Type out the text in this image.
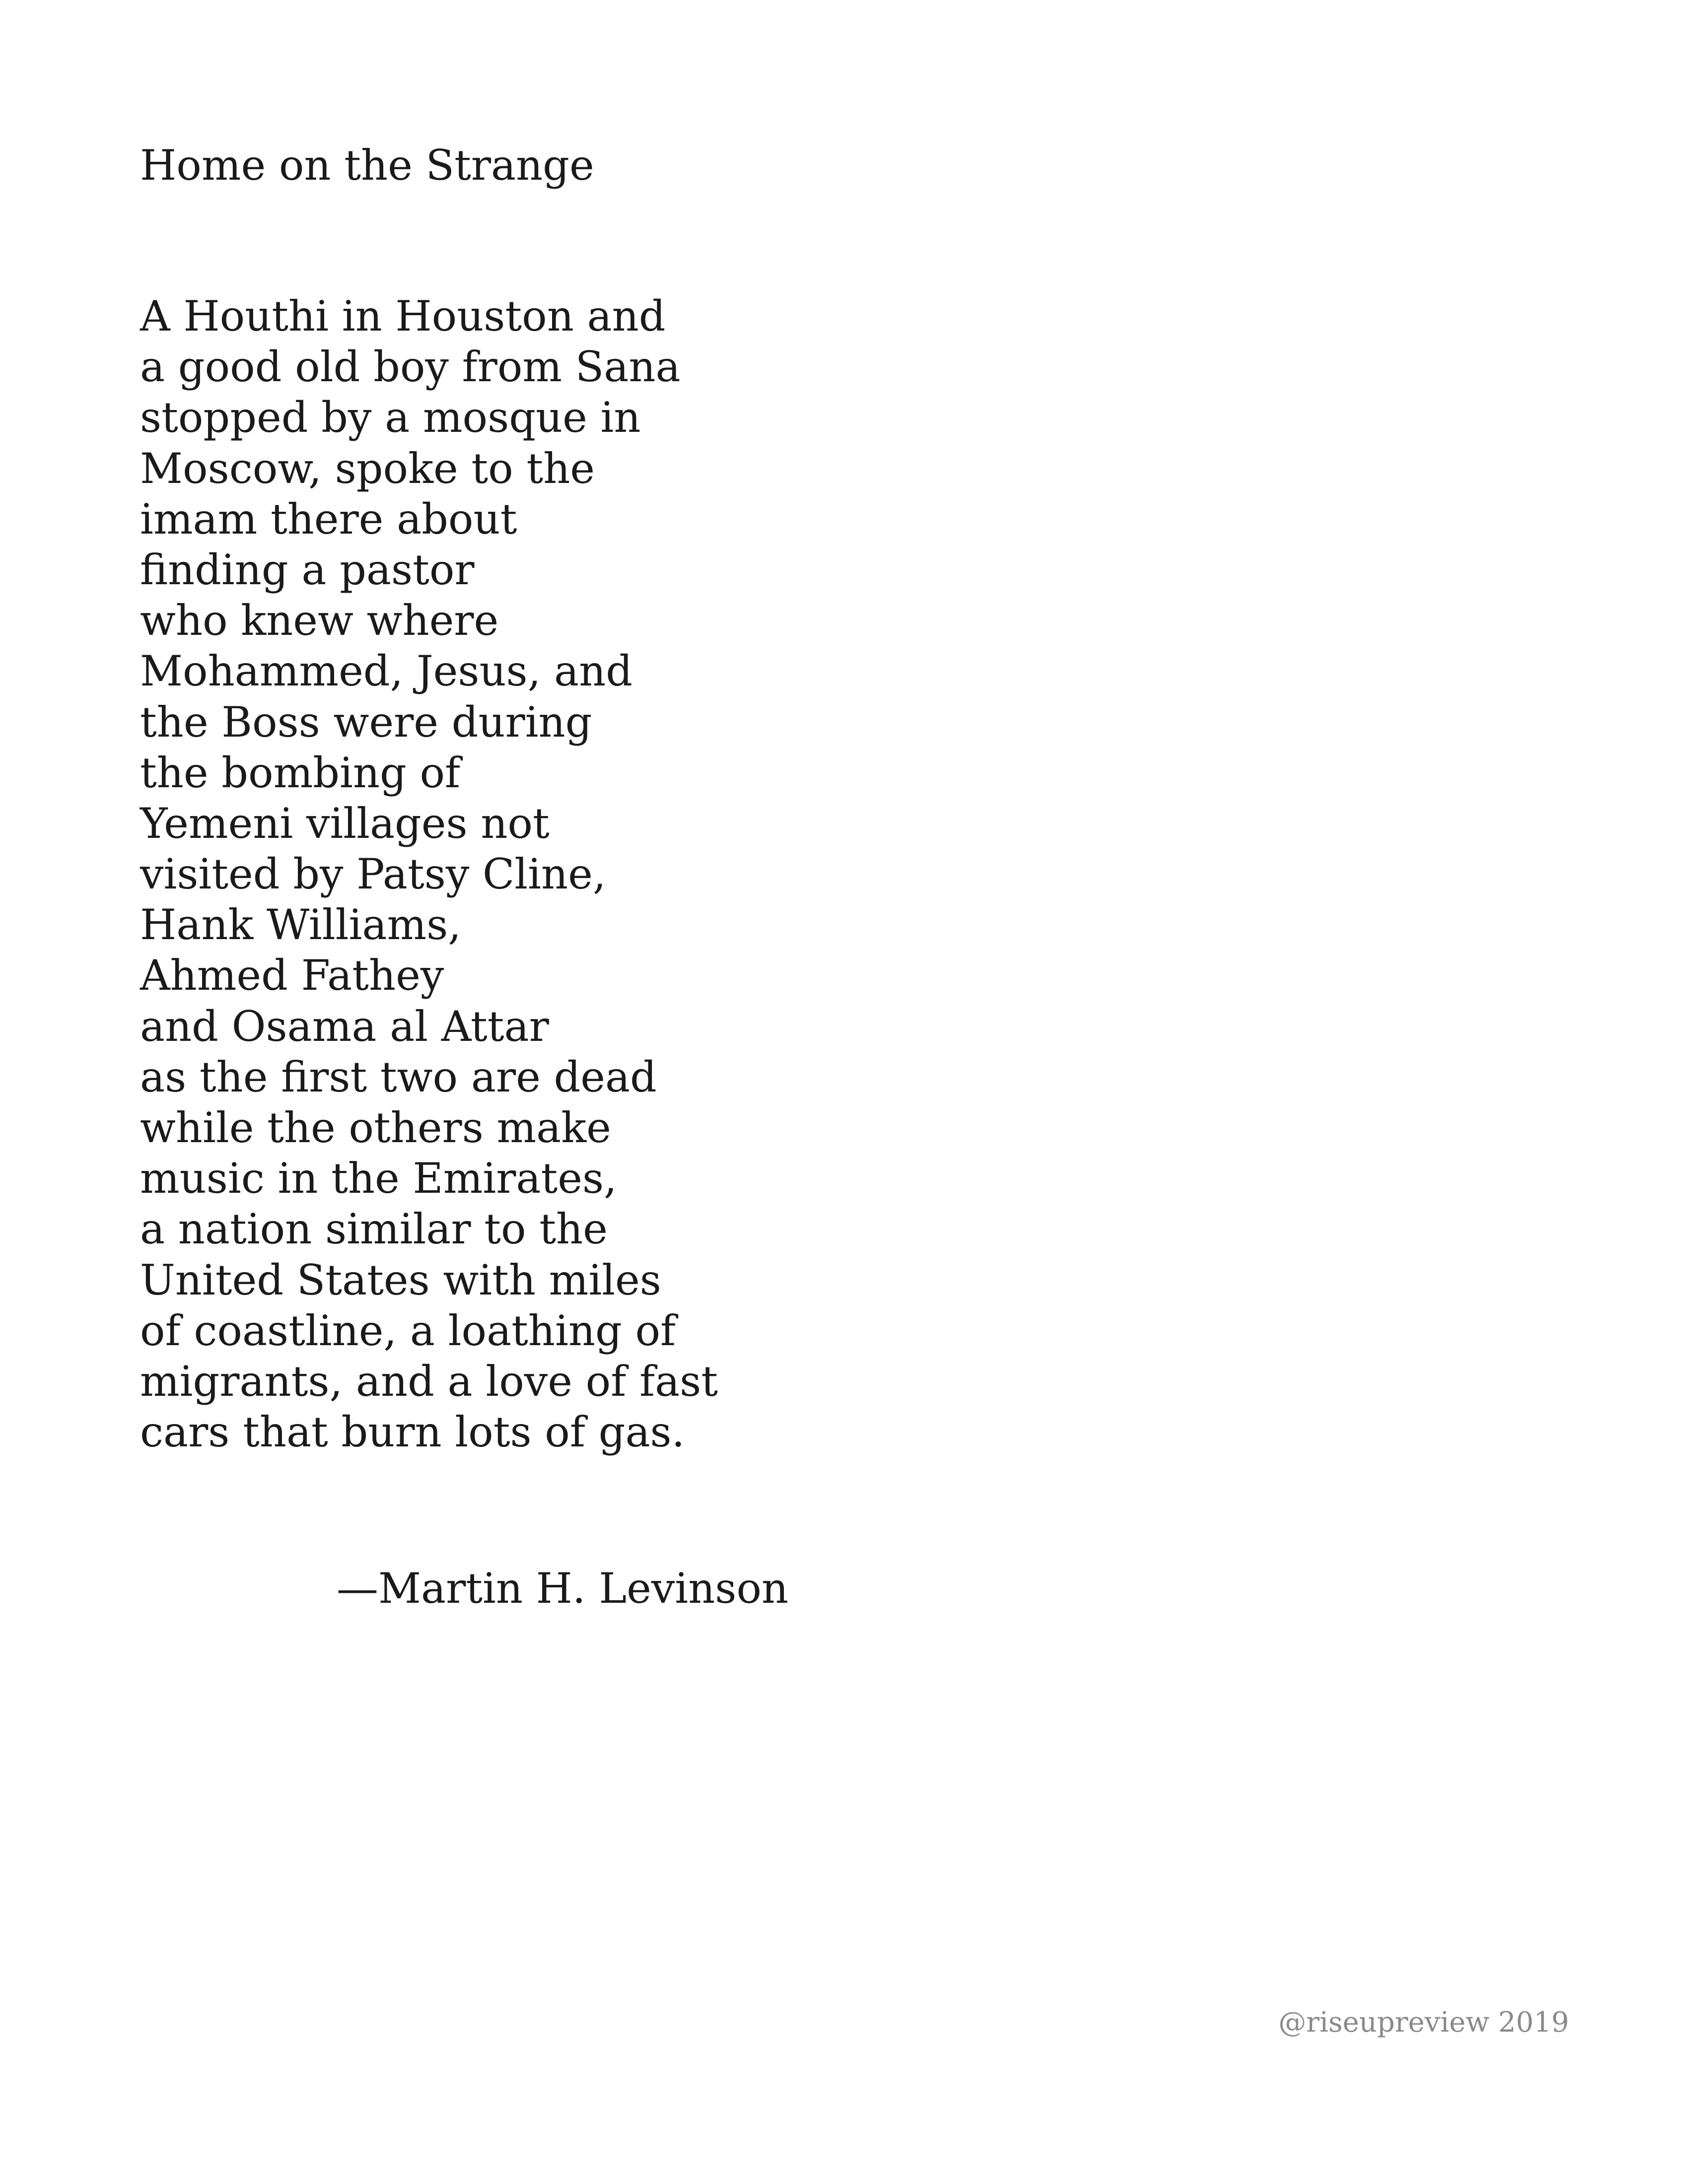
Home on the Strange
A Houthi in Houston and
a good old boy from Sana
stopped by a mosque in
Moscow, spoke to the
imam there about
finding a pastor
who knew where
Mohammed, Jesus, and
the Boss were during
the bombing of
Yemeni villages not
visited by Patsy Cline,
Hank Williams,
Ahmed Fathey
and Osama al Attar
as the first two are dead
while the others make
music in the Emirates,
a nation similar to the
United States with miles
of coastline, a loathing of
migrants, and a love of fast
cars that burn lots of gas.
—Martin H. Levinson
@riseupreview 2019
